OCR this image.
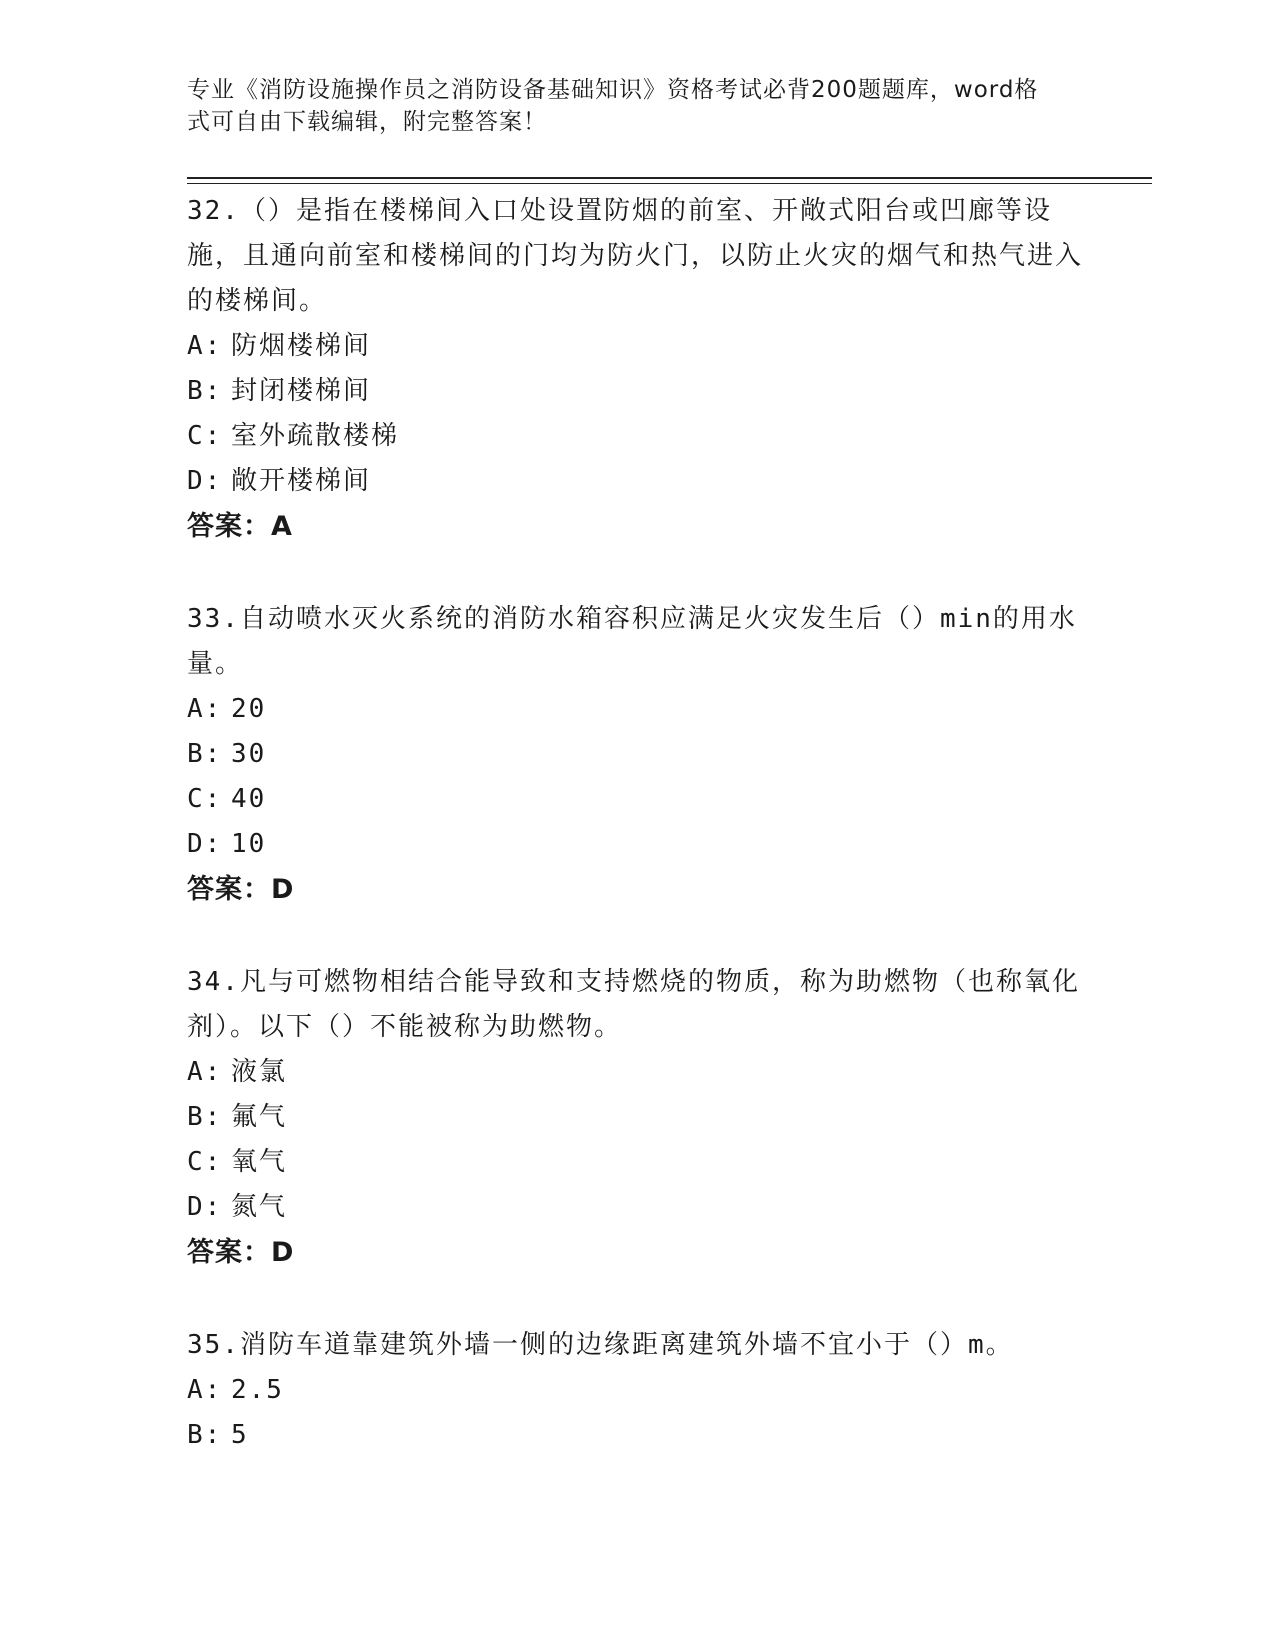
专业《消防设施操作员之消防设备基础知识》资格考试必背200题题库，word格
式可自由下载编辑，附完整答案！

32.（）是指在楼梯间入口处设置防烟的前室、开敞式阳台或凹廊等设施，且通向前室和楼梯间的门均为防火门，以防止火灾的烟气和热气进入的楼梯间。

A: 防烟楼梯间

B: 封闭楼梯间

C: 室外疏散楼梯

D: 敞开楼梯间

答案：A

33.自动喷水灭火系统的消防水箱容积应满足火灾发生后（）min的用水量。

A: 20

B: 30

C: 40

D: 10

答案：D

34.凡与可燃物相结合能导致和支持燃烧的物质，称为助燃物（也称氧化剂）。以下（）不能被称为助燃物。

A: 液氯

B: 氟气

C: 氧气

D: 氮气

答案：D

35.消防车道靠建筑外墙一侧的边缘距离建筑外墙不宜小于（）m。

A: 2.5

B: 5
